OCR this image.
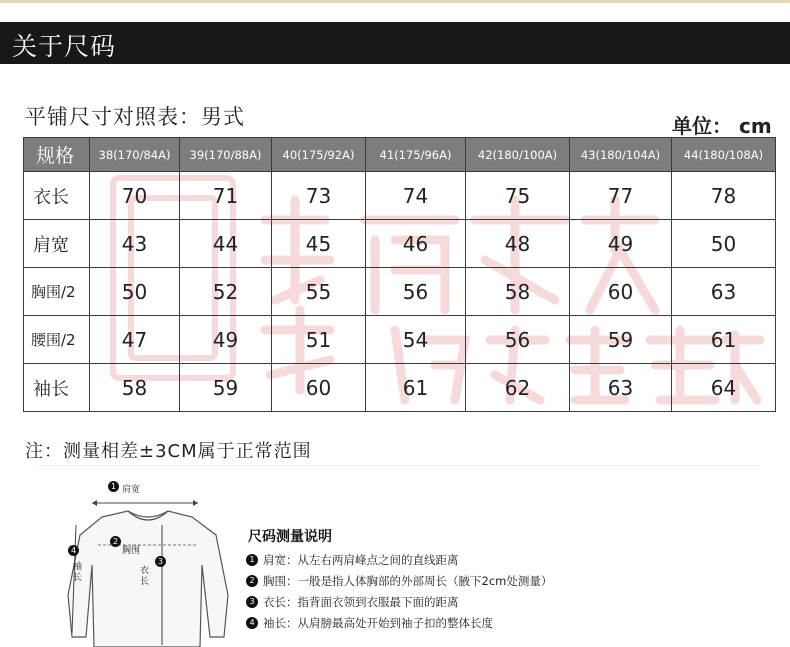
关于尺码
平铺尺寸对照表：男式	单位： cm
规格	38(170/84A)	39(170/88A)	40(175/92A)	41(175/96A)	42(180/100A)	43(180/104A)	44(180/108A)
衣长	70	71	73	74	75	77	78
肩宽	43	44	45	46	48	49	50
胸围/2	50	52	55	56	58	60	63
腰围/2	47	49	51	54	56	59	61
袖长	58	59	60	61	62	63	64
注：测量相差±3CM属于正常范围
1 肩宽
2
胸围
3
衣长
4
袖长
尺码测量说明
1 肩宽：从左右两肩峰点之间的直线距离
2 胸围：一般是指人体胸部的外部周长（腋下2cm处测量）
3 衣长：指背面衣领到衣服最下面的距离
4 袖长：从肩膀最高处开始到袖子扣的整体长度
